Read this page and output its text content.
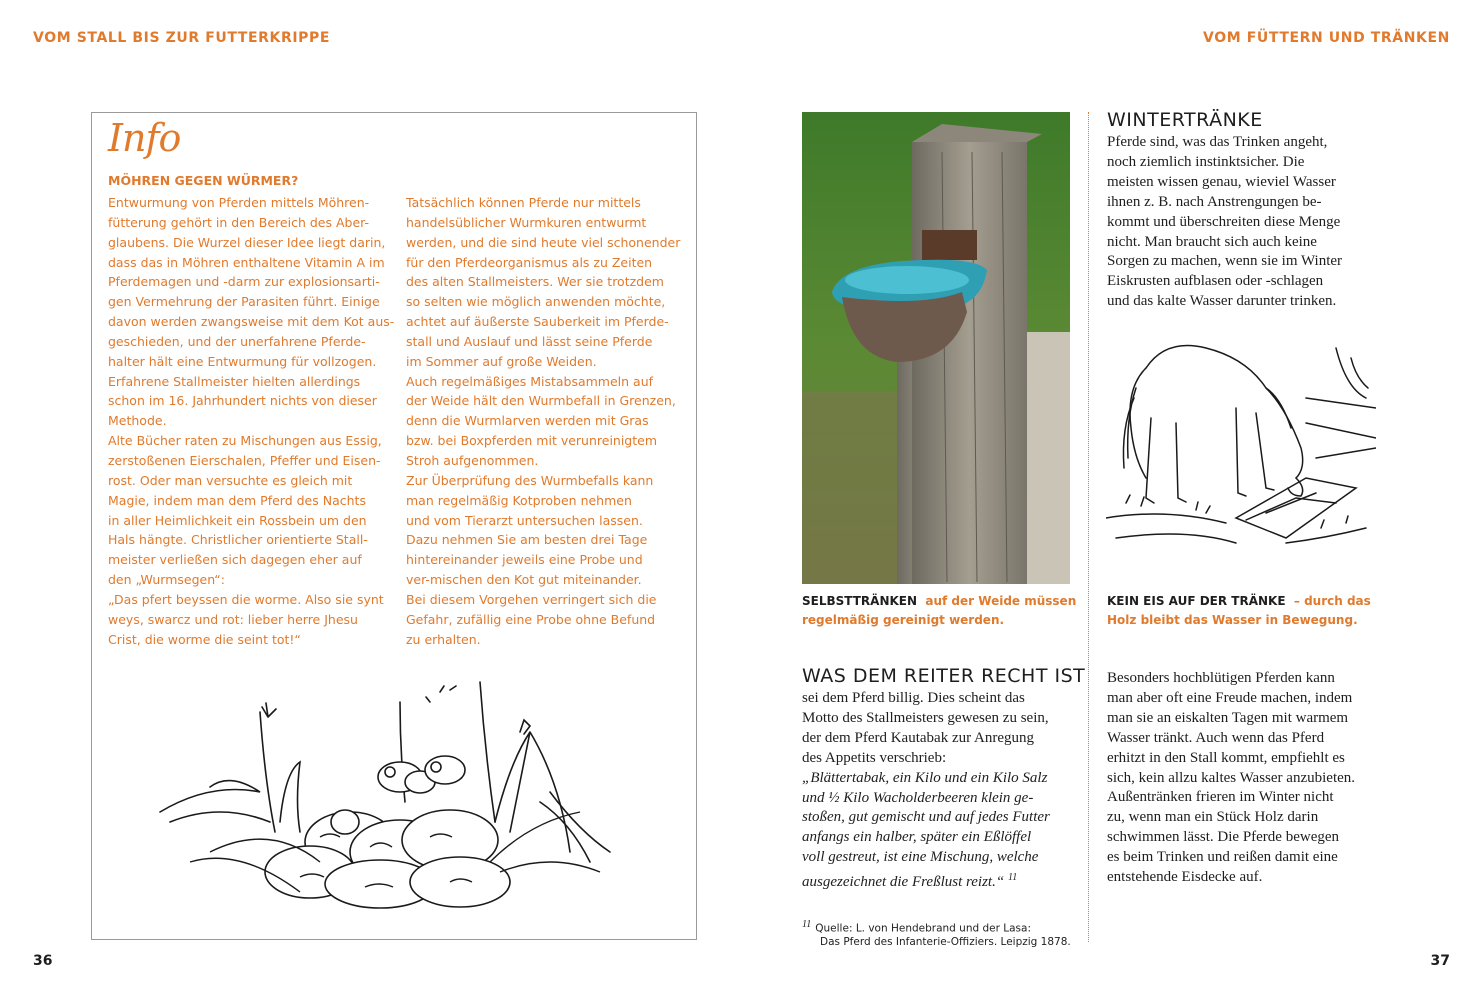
VOM STALL BIS ZUR FUTTERKRIPPE	VOM FÜTTERN UND TRÄNKEN
Info
MÖHREN GEGEN WÜRMER?
Entwurmung von Pferden mittels Möhren-
fütterung gehört in den Bereich des Aber-
glaubens. Die Wurzel dieser Idee liegt darin,
dass das in Möhren enthaltene Vitamin A im
Pferdemagen und -darm zur explosionsarti-
gen Vermehrung der Parasiten führt. Einige
davon werden zwangsweise mit dem Kot aus-
geschieden, und der unerfahrene Pferde-
halter hält eine Entwurmung für vollzogen.
Erfahrene Stallmeister hielten allerdings
schon im 16. Jahrhundert nichts von dieser
Methode.
Alte Bücher raten zu Mischungen aus Essig,
zerstoßenen Eierschalen, Pfeffer und Eisen-
rost. Oder man versuchte es gleich mit
Magie, indem man dem Pferd des Nachts
in aller Heimlichkeit ein Rossbein um den
Hals hängte. Christlicher orientierte Stall-
meister verließen sich dagegen eher auf
den „Wurmsegen“:
„Das pfert beyssen die worme. Also sie synt
weys, swarcz und rot: lieber herre Jhesu
Crist, die worme die seint tot!“
Tatsächlich können Pferde nur mittels
handelsüblicher Wurmkuren entwurmt
werden, und die sind heute viel schonender
für den Pferdeorganismus als zu Zeiten
des alten Stallmeisters. Wer sie trotzdem
so selten wie möglich anwenden möchte,
achtet auf äußerste Sauberkeit im Pferde-
stall und Auslauf und lässt seine Pferde
im Sommer auf große Weiden.
Auch regelmäßiges Mistabsammeln auf
der Weide hält den Wurmbefall in Grenzen,
denn die Wurmlarven werden mit Gras
bzw. bei Boxpferden mit verunreinigtem
Stroh aufgenommen.
Zur Überprüfung des Wurmbefalls kann
man regelmäßig Kotproben nehmen
und vom Tierarzt untersuchen lassen.
Dazu nehmen Sie am besten drei Tage
hintereinander jeweils eine Probe und
ver-mischen den Kot gut miteinander.
Bei diesem Vorgehen verringert sich die
Gefahr, zufällig eine Probe ohne Befund
zu erhalten.
SELBSTTRÄNKEN auf der Weide müssen
regelmäßig gereinigt werden.
WINTERTRÄNKE
Pferde sind, was das Trinken angeht,
noch ziemlich instinktsicher. Die
meisten wissen genau, wieviel Wasser
ihnen z. B. nach Anstrengungen be-
kommt und überschreiten diese Menge
nicht. Man braucht sich auch keine
Sorgen zu machen, wenn sie im Winter
Eiskrusten aufblasen oder -schlagen
und das kalte Wasser darunter trinken.
KEIN EIS AUF DER TRÄNKE – durch das
Holz bleibt das Wasser in Bewegung.
WAS DEM REITER RECHT IST
sei dem Pferd billig. Dies scheint das
Motto des Stallmeisters gewesen zu sein,
der dem Pferd Kautabak zur Anregung
des Appetits verschrieb:
„Blättertabak, ein Kilo und ein Kilo Salz
und ½ Kilo Wacholderbeeren klein ge-
stoßen, gut gemischt und auf jedes Futter
anfangs ein halber, später ein Eßlöffel
voll gestreut, ist eine Mischung, welche
ausgezeichnet die Freßlust reizt.“ $^{11}$
Besonders hochblütigen Pferden kann
man aber oft eine Freude machen, indem
man sie an eiskalten Tagen mit warmem
Wasser tränkt. Auch wenn das Pferd
erhitzt in den Stall kommt, empfiehlt es
sich, kein allzu kaltes Wasser anzubieten.
Außentränken frieren im Winter nicht
zu, wenn man ein Stück Holz darin
schwimmen lässt. Die Pferde bewegen
es beim Trinken und reißen damit eine
entstehende Eisdecke auf.
11 Quelle: L. von Hendebrand und der Lasa:
Das Pferd des Infanterie-Offiziers. Leipzig 1878.
36	37
